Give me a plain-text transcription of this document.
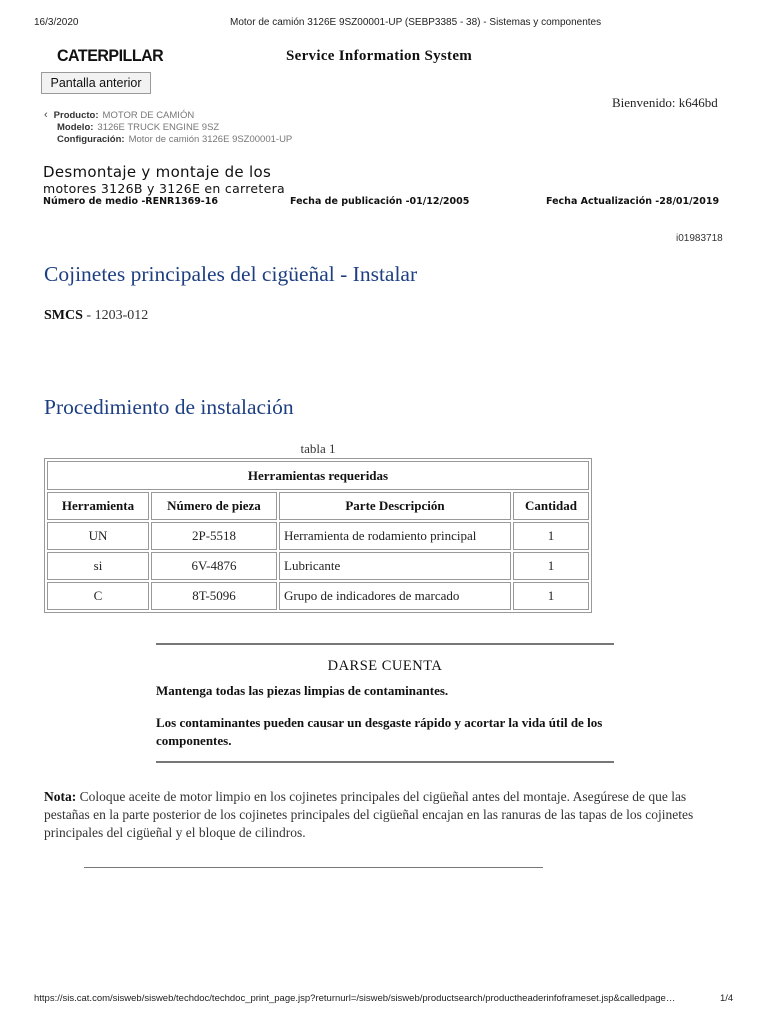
16/3/2020	Motor de camión 3126E 9SZ00001-UP (SEBP3385 - 38) - Sistemas y componentes
CATERPILLAR	Service Information System
Pantalla anterior
Bienvenido: k646bd
‹ Producto: MOTOR DE CAMIÓN
Modelo: 3126E TRUCK ENGINE 9SZ
Configuración: Motor de camión 3126E 9SZ00001-UP
Desmontaje y montaje de los
motores 3126B y 3126E en carretera
Número de medio -RENR1369-16	Fecha de publicación -01/12/2005	Fecha Actualización -28/01/2019
i01983718
Cojinetes principales del cigüeñal - Instalar
SMCS - 1203-012
Procedimiento de instalación
tabla 1
Herramientas requeridas			
Herramienta	Número de pieza	Parte Descripción	Cantidad
UN	2P-5518	Herramienta de rodamiento principal	1
si	6V-4876	Lubricante	1
C	8T-5096	Grupo de indicadores de marcado	1
DARSE CUENTA
Mantenga todas las piezas limpias de contaminantes.
Los contaminantes pueden causar un desgaste rápido y acortar la vida útil de los componentes.
Nota: Coloque aceite de motor limpio en los cojinetes principales del cigüeñal antes del montaje. Asegúrese de que las pestañas en la parte posterior de los cojinetes principales del cigüeñal encajan en las ranuras de las tapas de los cojinetes principales del cigüeñal y el bloque de cilindros.
https://sis.cat.com/sisweb/sisweb/techdoc/techdoc_print_page.jsp?returnurl=/sisweb/sisweb/productsearch/productheaderinfoframeset.jsp&calledpage…	1/4
